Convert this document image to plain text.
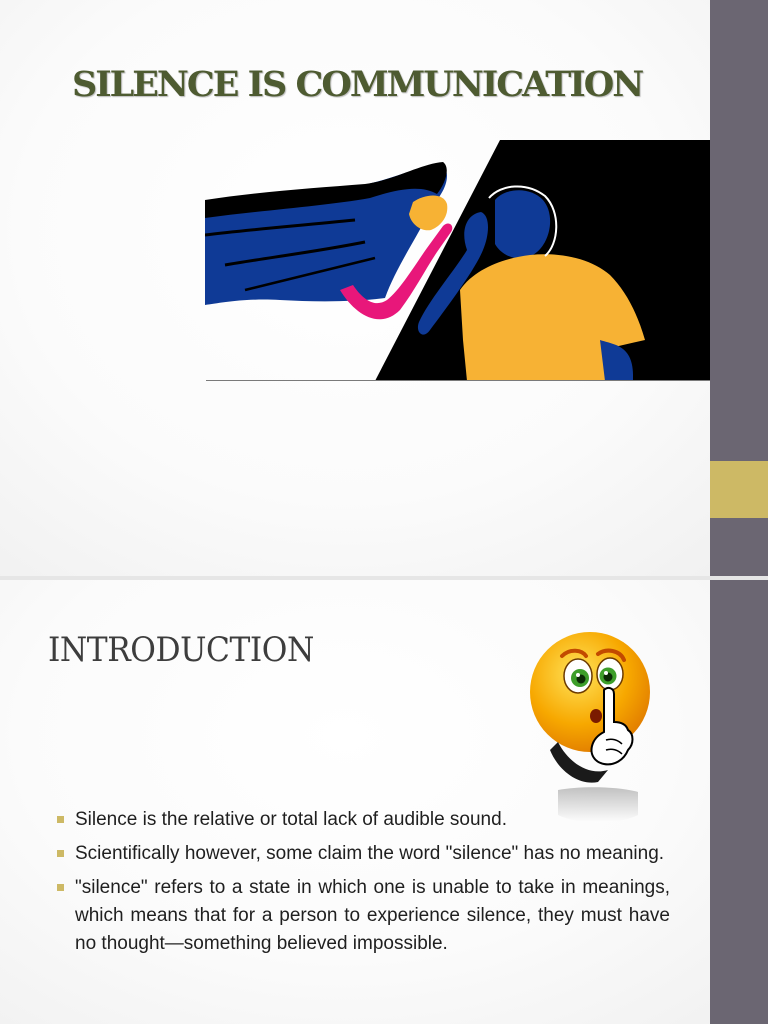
SILENCE IS COMMUNICATION
INTRODUCTION
Silence is the relative or total lack of audible sound.
Scientifically however, some claim the word "silence" has no meaning.
"silence" refers to a state in which one is unable to take in meanings, which means that for a person to experience silence, they must have no thought—something believed impossible.
